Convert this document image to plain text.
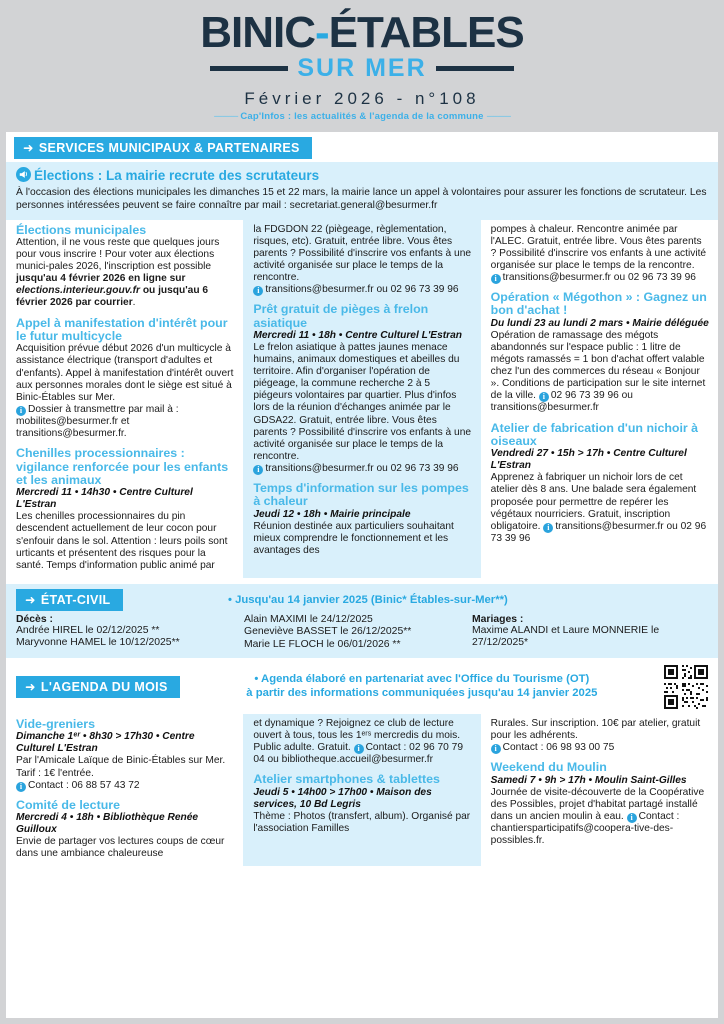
BINIC‑ÉTABLES
SUR MER
Février 2026 - n°108
----------- Cap'Infos : les actualités & l'agenda de la commune -----------
➜ SERVICES MUNICIPAUX & PARTENAIRES
Élections : La mairie recrute des scrutateurs

À l'occasion des élections municipales les dimanches 15 et 22 mars, la mairie lance un appel à volontaires pour assurer les fonctions de scrutateur. Les personnes intéressées peuvent se faire connaître par mail : secretariat.general@besurmer.fr

Élections municipales

Attention, il ne vous reste que quelques jours pour vous inscrire ! Pour voter aux élections munici-pales 2026, l'inscription est possible jusqu'au 4 février 2026 en ligne sur elections.interieur.gouv.fr ou jusqu'au 6 février 2026 par courrier.

Appel à manifestation d'intérêt pour le futur multicycle

Acquisition prévue début 2026 d'un multicycle à assistance électrique (transport d'adultes et d'enfants). Appel à manifestation d'intérêt ouvert aux personnes morales dont le siège est situé à Binic-Étables sur Mer.

i Dossier à transmettre par mail à : mobilites@besurmer.fr et transitions@besurmer.fr.

Chenilles processionnaires : vigilance renforcée pour les enfants et les animaux

Mercredi 11 • 14h30 • Centre Culturel L'Estran

Les chenilles processionnaires du pin descendent actuellement de leur cocon pour s'enfouir dans le sol. Attention : leurs poils sont urticants et présentent des risques pour la santé. Temps d'information public animé par

la FDGDON 22 (piègeage, règlementation, risques, etc). Gratuit, entrée libre. Vous êtes parents ? Possibilité d'inscrire vos enfants à une activité organisée sur place le temps de la rencontre.

i transitions@besurmer.fr ou 02 96 73 39 96

Prêt gratuit de pièges à frelon asiatique

Mercredi 11 • 18h • Centre Culturel L'Estran

Le frelon asiatique à pattes jaunes menace humains, animaux domestiques et abeilles du territoire. Afin d'organiser l'opération de piégeage, la commune recherche 2 à 5 piégeurs volontaires par quartier. Plus d'infos lors de la réunion d'échanges animée par le GDSA22. Gratuit, entrée libre. Vous êtes parents ? Possibilité d'inscrire vos enfants à une activité organisée sur place le temps de la rencontre.

i transitions@besurmer.fr ou 02 96 73 39 96

Temps d'information sur les pompes à chaleur

Jeudi 12 • 18h • Mairie principale

Réunion destinée aux particuliers souhaitant mieux comprendre le fonctionnement et les avantages des

pompes à chaleur. Rencontre animée par l'ALEC. Gratuit, entrée libre. Vous êtes parents ? Possibilité d'inscrire vos enfants à une activité organisée sur place le temps de la rencontre.

i transitions@besurmer.fr ou 02 96 73 39 96

Opération « Mégothon » : Gagnez un bon d'achat !

Du lundi 23 au lundi 2 mars • Mairie déléguée

Opération de ramassage des mégots abandonnés sur l'espace public : 1 litre de mégots ramassés = 1 bon d'achat offert valable chez l'un des commerces du réseau « Bonjour ». Conditions de participation sur le site internet de la ville. i 02 96 73 39 96 ou transitions@besurmer.fr

Atelier de fabrication d'un nichoir à oiseaux

Vendredi 27 • 15h > 17h • Centre Culturel L'Estran

Apprenez à fabriquer un nichoir lors de cet atelier dès 8 ans. Une balade sera également proposée pour permettre de repérer les végétaux nourriciers. Gratuit, inscription obligatoire. i transitions@besurmer.fr ou 02 96 73 39 96

➜ ÉTAT-CIVIL	• Jusqu'au 14 janvier 2025 (Binic* Étables-sur-Mer**)
Décès :

Andrée HIREL le 02/12/2025 **

Maryvonne HAMEL le 10/12/2025**

Alain MAXIMI le 24/12/2025

Geneviève BASSET le 26/12/2025**

Marie LE FLOCH le 06/01/2026 **

Mariages :

Maxime ALANDI et Laure MONNERIE le 27/12/2025*

➜ L'AGENDA DU MOIS
• Agenda élaboré en partenariat avec l'Office du Tourisme (OT)
à partir des informations communiquées jusqu'au 14 janvier 2025
Vide-greniers

Dimanche 1ᵉʳ • 8h30 > 17h30 • Centre Culturel L'Estran

Par l'Amicale Laïque de Binic-Étables sur Mer. Tarif : 1€ l'entrée.

i Contact : 06 88 57 43 72

Comité de lecture

Mercredi 4 • 18h • Bibliothèque Renée Guilloux

Envie de partager vos lectures coups de cœur dans une ambiance chaleureuse

et dynamique ? Rejoignez ce club de lecture ouvert à tous, tous les 1ᵉʳˢ mercredis du mois. Public adulte. Gratuit. i Contact : 02 96 70 79 04 ou bibliotheque.accueil@besurmer.fr

Atelier smartphones & tablettes

Jeudi 5 • 14h00 > 17h00 • Maison des services, 10 Bd Legris

Thème : Photos (transfert, album). Organisé par l'association Familles

Rurales. Sur inscription. 10€ par atelier, gratuit pour les adhérents.

i Contact : 06 98 93 00 75

Weekend du Moulin

Samedi 7 • 9h > 17h • Moulin Saint-Gilles

Journée de visite-découverte de la Coopérative des Possibles, projet d'habitat partagé installé dans un ancien moulin à eau. i Contact : chantiersparticipatifs@coopera-tive-des-possibles.fr.
